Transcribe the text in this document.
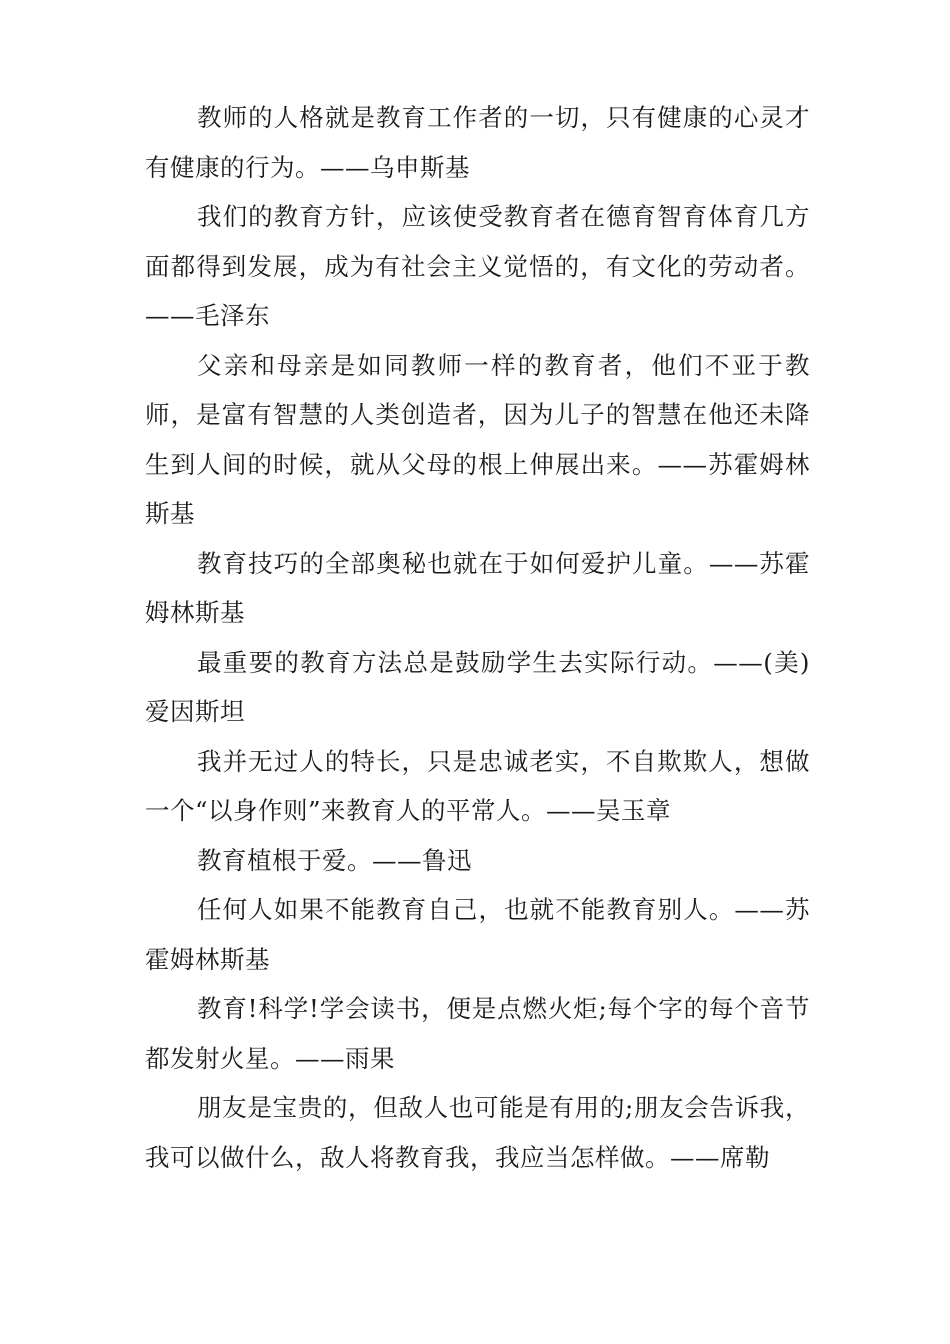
教师的人格就是教育工作者的一切，只有健康的心灵才有健康的行为。——乌申斯基

我们的教育方针，应该使受教育者在德育智育体育几方面都得到发展，成为有社会主义觉悟的，有文化的劳动者。——毛泽东

父亲和母亲是如同教师一样的教育者，他们不亚于教师，是富有智慧的人类创造者，因为儿子的智慧在他还未降生到人间的时候，就从父母的根上伸展出来。——苏霍姆林斯基

教育技巧的全部奥秘也就在于如何爱护儿童。——苏霍姆林斯基

最重要的教育方法总是鼓励学生去实际行动。——(美)爱因斯坦

我并无过人的特长，只是忠诚老实，不自欺欺人，想做一个“以身作则”来教育人的平常人。——吴玉章

教育植根于爱。——鲁迅

任何人如果不能教育自己，也就不能教育别人。——苏霍姆林斯基

教育!科学!学会读书，便是点燃火炬;每个字的每个音节都发射火星。——雨果

朋友是宝贵的，但敌人也可能是有用的;朋友会告诉我，我可以做什么，敌人将教育我，我应当怎样做。——席勒
